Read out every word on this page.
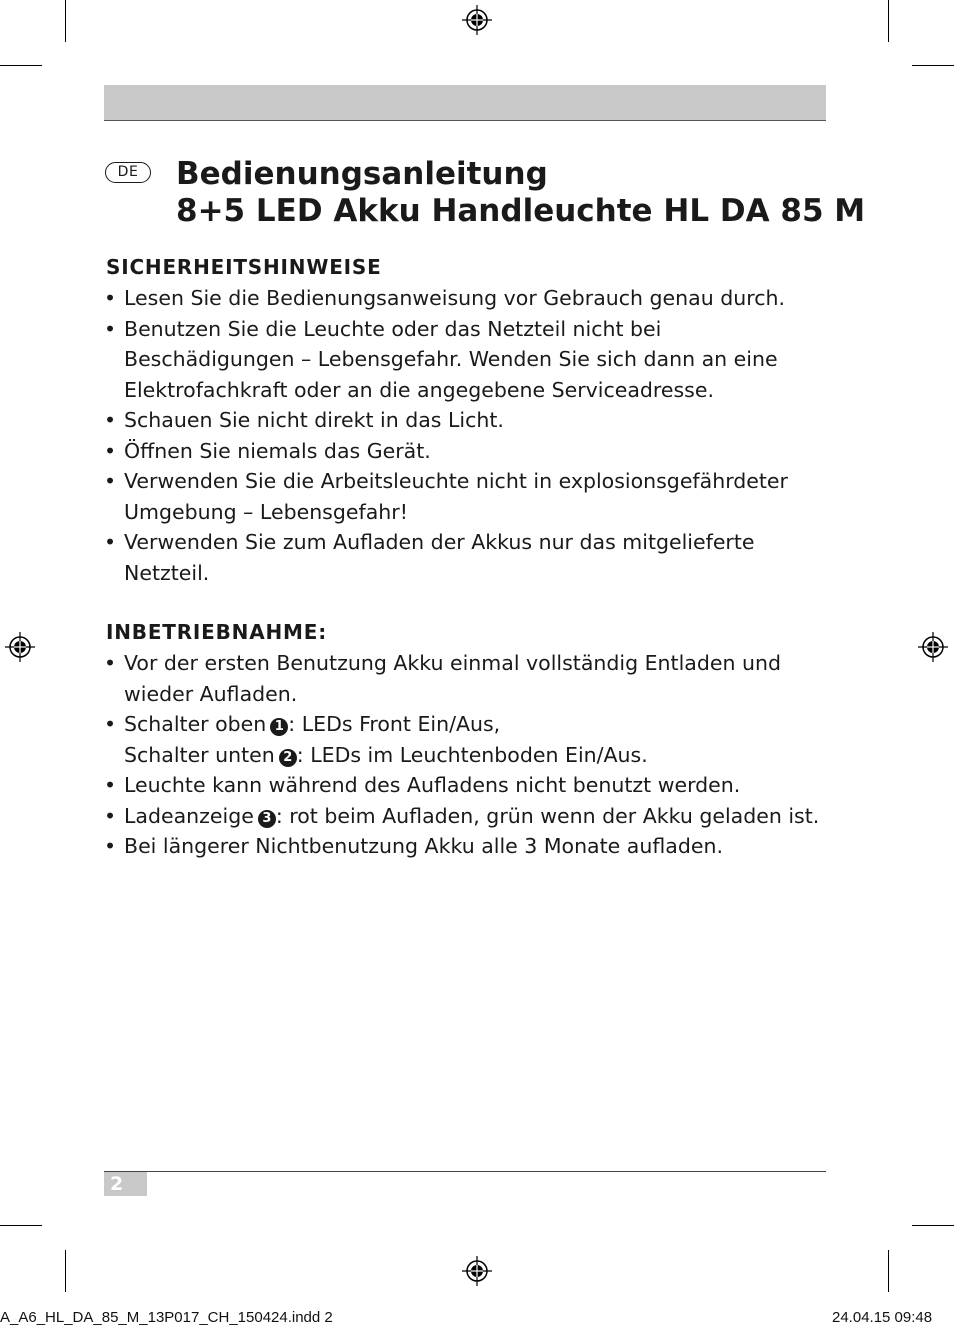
DE	Bedienungsanleitung
8+5 LED Akku Handleuchte HL DA 85 M
SICHERHEITSHINWEISE
• Lesen Sie die Bedienungsanweisung vor Gebrauch genau durch.
• Benutzen Sie die Leuchte oder das Netzteil nicht bei Beschädigungen – Lebensgefahr. Wenden Sie sich dann an eine Elektrofachkraft oder an die angegebene Serviceadresse.
• Schauen Sie nicht direkt in das Licht.
• Öffnen Sie niemals das Gerät.
• Verwenden Sie die Arbeitsleuchte nicht in explosionsgefährdeter Umgebung – Lebensgefahr!
• Verwenden Sie zum Aufladen der Akkus nur das mitgelieferte Netzteil.
INBETRIEBNAHME:
• Vor der ersten Benutzung Akku einmal vollständig Entladen und wieder Aufladen.
• Schalter oben 1 : LEDs Front Ein/Aus,
Schalter unten 2 : LEDs im Leuchtenboden Ein/Aus.
• Leuchte kann während des Aufladens nicht benutzt werden.
• Ladeanzeige 3 : rot beim Aufladen, grün wenn der Akku geladen ist.
• Bei längerer Nichtbenutzung Akku alle 3 Monate aufladen.
2
A_A6_HL_DA_85_M_13P017_CH_150424.indd 2	24.04.15 09:48
